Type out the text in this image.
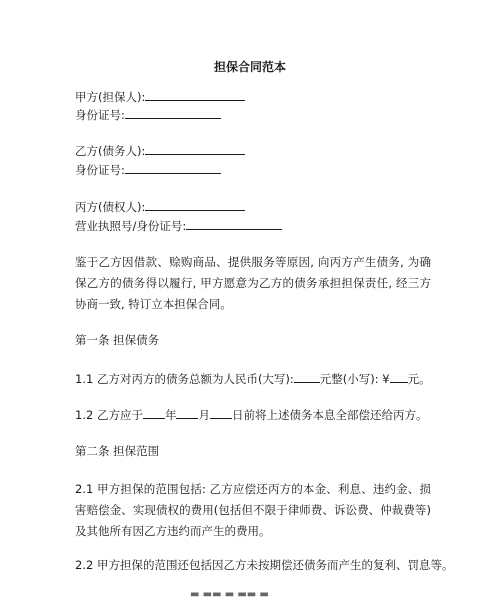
担保合同范本
甲方(担保人):
身份证号:
乙方(债务人):
身份证号:
丙方(债权人):
营业执照号/身份证号:
鉴于乙方因借款、赊购商品、提供服务等原因, 向丙方产生债务, 为确保乙方的债务得以履行, 甲方愿意为乙方的债务承担担保责任, 经三方协商一致, 特订立本担保合同。
第一条 担保债务
1.1 乙方对丙方的债务总额为人民币(大写): 元整(小写): ¥ 元。
1.2 乙方应于 年 月 日前将上述债务本息全部偿还给丙方。
第二条 担保范围
2.1 甲方担保的范围包括: 乙方应偿还丙方的本金、利息、违约金、损害赔偿金、实现债权的费用(包括但不限于律师费、诉讼费、仲裁费等)及其他所有因乙方违约而产生的费用。
2.2 甲方担保的范围还包括因乙方未按期偿还债务而产生的复利、罚息等。
▬ ▬▬ ▬ ▬▬ ▬
